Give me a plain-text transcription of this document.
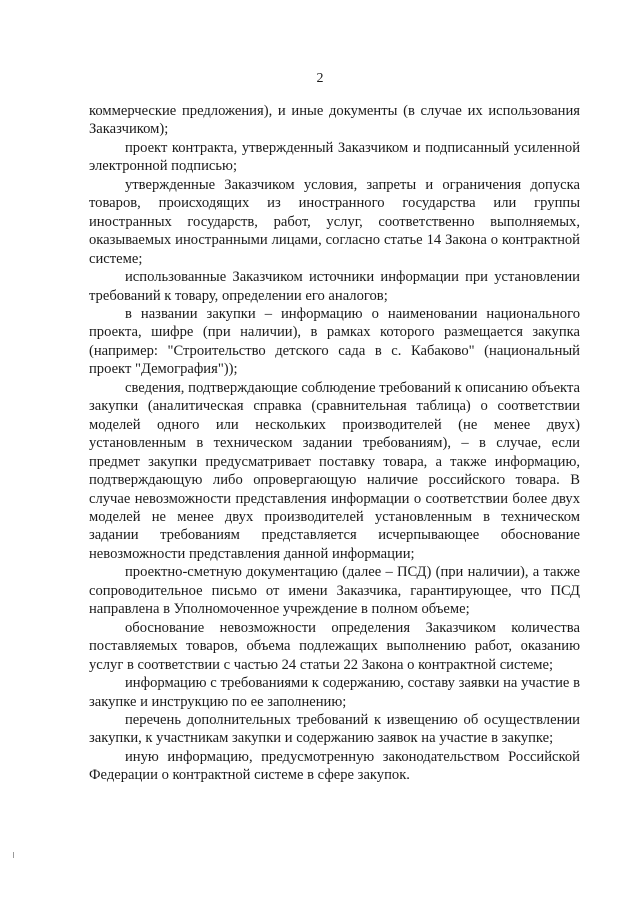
2

коммерческие предложения), и иные документы (в случае их использования Заказчиком);

проект контракта, утвержденный Заказчиком и подписанный усиленной электронной подписью;

утвержденные Заказчиком условия, запреты и ограничения допуска товаров, происходящих из иностранного государства или группы иностранных государств, работ, услуг, соответственно выполняемых, оказываемых иностранными лицами, согласно статье 14 Закона о контрактной системе;

использованные Заказчиком источники информации при установлении требований к товару, определении его аналогов;

в названии закупки – информацию о наименовании национального проекта, шифре (при наличии), в рамках которого размещается закупка (например: "Строительство детского сада в с. Кабаково" (национальный проект "Демография"));

сведения, подтверждающие соблюдение требований к описанию объекта закупки (аналитическая справка (сравнительная таблица) о соответствии моделей одного или нескольких производителей (не менее двух) установленным в техническом задании требованиям), – в случае, если предмет закупки предусматривает поставку товара, а также информацию, подтверждающую либо опровергающую наличие российского товара. В случае невозможности представления информации о соответствии более двух моделей не менее двух производителей установленным в техническом задании требованиям представляется исчерпывающее обоснование невозможности представления данной информации;

проектно-сметную документацию (далее – ПСД) (при наличии), а также сопроводительное письмо от имени Заказчика, гарантирующее, что ПСД направлена в Уполномоченное учреждение в полном объеме;

обоснование невозможности определения Заказчиком количества поставляемых товаров, объема подлежащих выполнению работ, оказанию услуг в соответствии с частью 24 статьи 22 Закона о контрактной системе;

информацию с требованиями к содержанию, составу заявки на участие в закупке и инструкцию по ее заполнению;

перечень дополнительных требований к извещению об осуществлении закупки, к участникам закупки и содержанию заявок на участие в закупке;

иную информацию, предусмотренную законодательством Российской Федерации о контрактной системе в сфере закупок.
